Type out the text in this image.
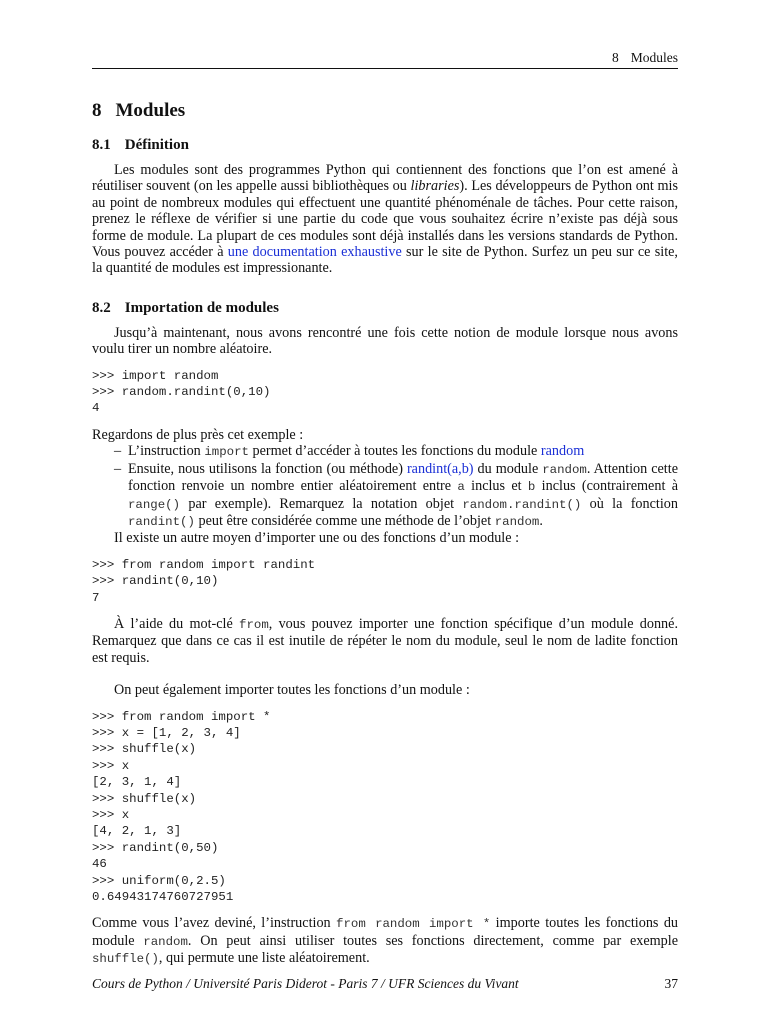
8 Modules
8 Modules
8.1 Définition

Les modules sont des programmes Python qui contiennent des fonctions que l’on est amené à réutiliser souvent (on les appelle aussi bibliothèques ou libraries). Les développeurs de Python ont mis au point de nombreux modules qui effectuent une quantité phénoménale de tâches. Pour cette raison, prenez le réflexe de vérifier si une partie du code que vous souhaitez écrire n’existe pas déjà sous forme de module. La plupart de ces modules sont déjà installés dans les versions standards de Python. Vous pouvez accéder à une documentation exhaustive sur le site de Python. Surfez un peu sur ce site, la quantité de modules est impressionante.

8.2 Importation de modules

Jusqu’à maintenant, nous avons rencontré une fois cette notion de module lorsque nous avons voulu tirer un nombre aléatoire.

>>> import random
>>> random.randint(0,10)
4

Regardons de plus près cet exemple :

– L’instruction import permet d’accéder à toutes les fonctions du module random
– Ensuite, nous utilisons la fonction (ou méthode) randint(a,b) du module random. Attention cette fonction renvoie un nombre entier aléatoirement entre a inclus et b inclus (contrairement à range() par exemple). Remarquez la notation objet random.randint() où la fonction randint() peut être considérée comme une méthode de l’objet random.

Il existe un autre moyen d’importer une ou des fonctions d’un module :

>>> from random import randint
>>> randint(0,10)
7

À l’aide du mot-clé from, vous pouvez importer une fonction spécifique d’un module donné. Remarquez que dans ce cas il est inutile de répéter le nom du module, seul le nom de ladite fonction est requis.

On peut également importer toutes les fonctions d’un module :

>>> from random import *
>>> x = [1, 2, 3, 4]
>>> shuffle(x)
>>> x
[2, 3, 1, 4]
>>> shuffle(x)
>>> x
[4, 2, 1, 3]
>>> randint(0,50)
46
>>> uniform(0,2.5)
0.64943174760727951

Comme vous l’avez deviné, l’instruction from random import * importe toutes les fonctions du module random. On peut ainsi utiliser toutes ses fonctions directement, comme par exemple shuffle(), qui permute une liste aléatoirement.

Cours de Python / Université Paris Diderot - Paris 7 / UFR Sciences du Vivant	37
